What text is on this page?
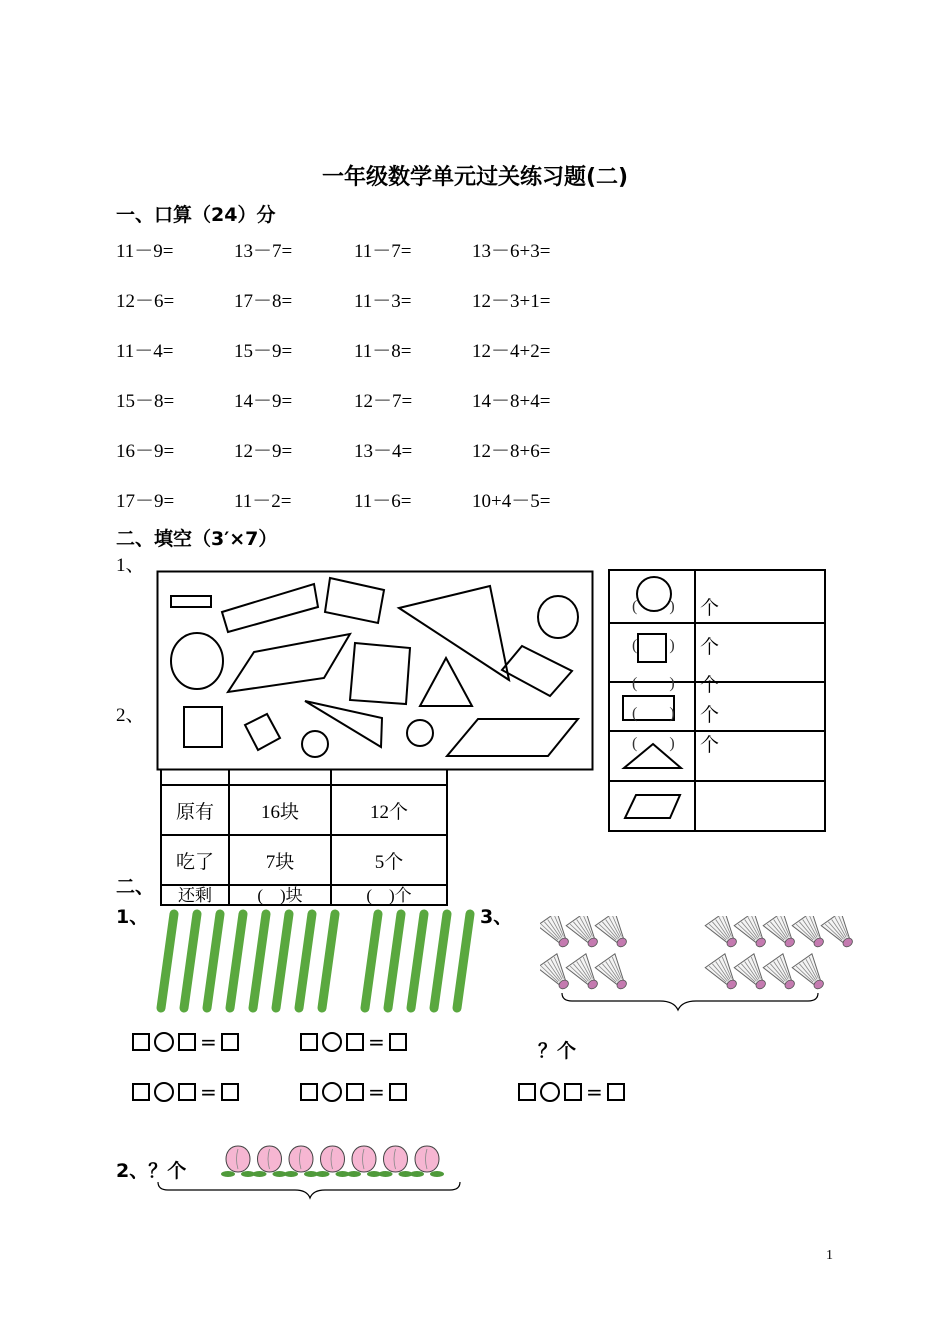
一年级数学单元过关练习题(二)
一、口算（24）分
11－9=	13－7=	11－7=	13－6+3=
12－6=	17－8=	11－3=	12－3+1=
11－4=	15－9=	11－8=	12－4+2=
15－8=	14－9=	12－7=	14－8+4=
16－9=	12－9=	13－4=	12－8+6=
17－9=	11－2=	11－6=	10+4－5=
二、填空（3′×7）
1、
2、

原有	16块	12个
吃了	7块	5个
还剩	(　)块	(　)个
(　　) 个
(　　) 个
(　　) 个
(　　) 个
(　　) 个
二、
1、	3、
？个
=	=
=	=	=
2、？个
1
